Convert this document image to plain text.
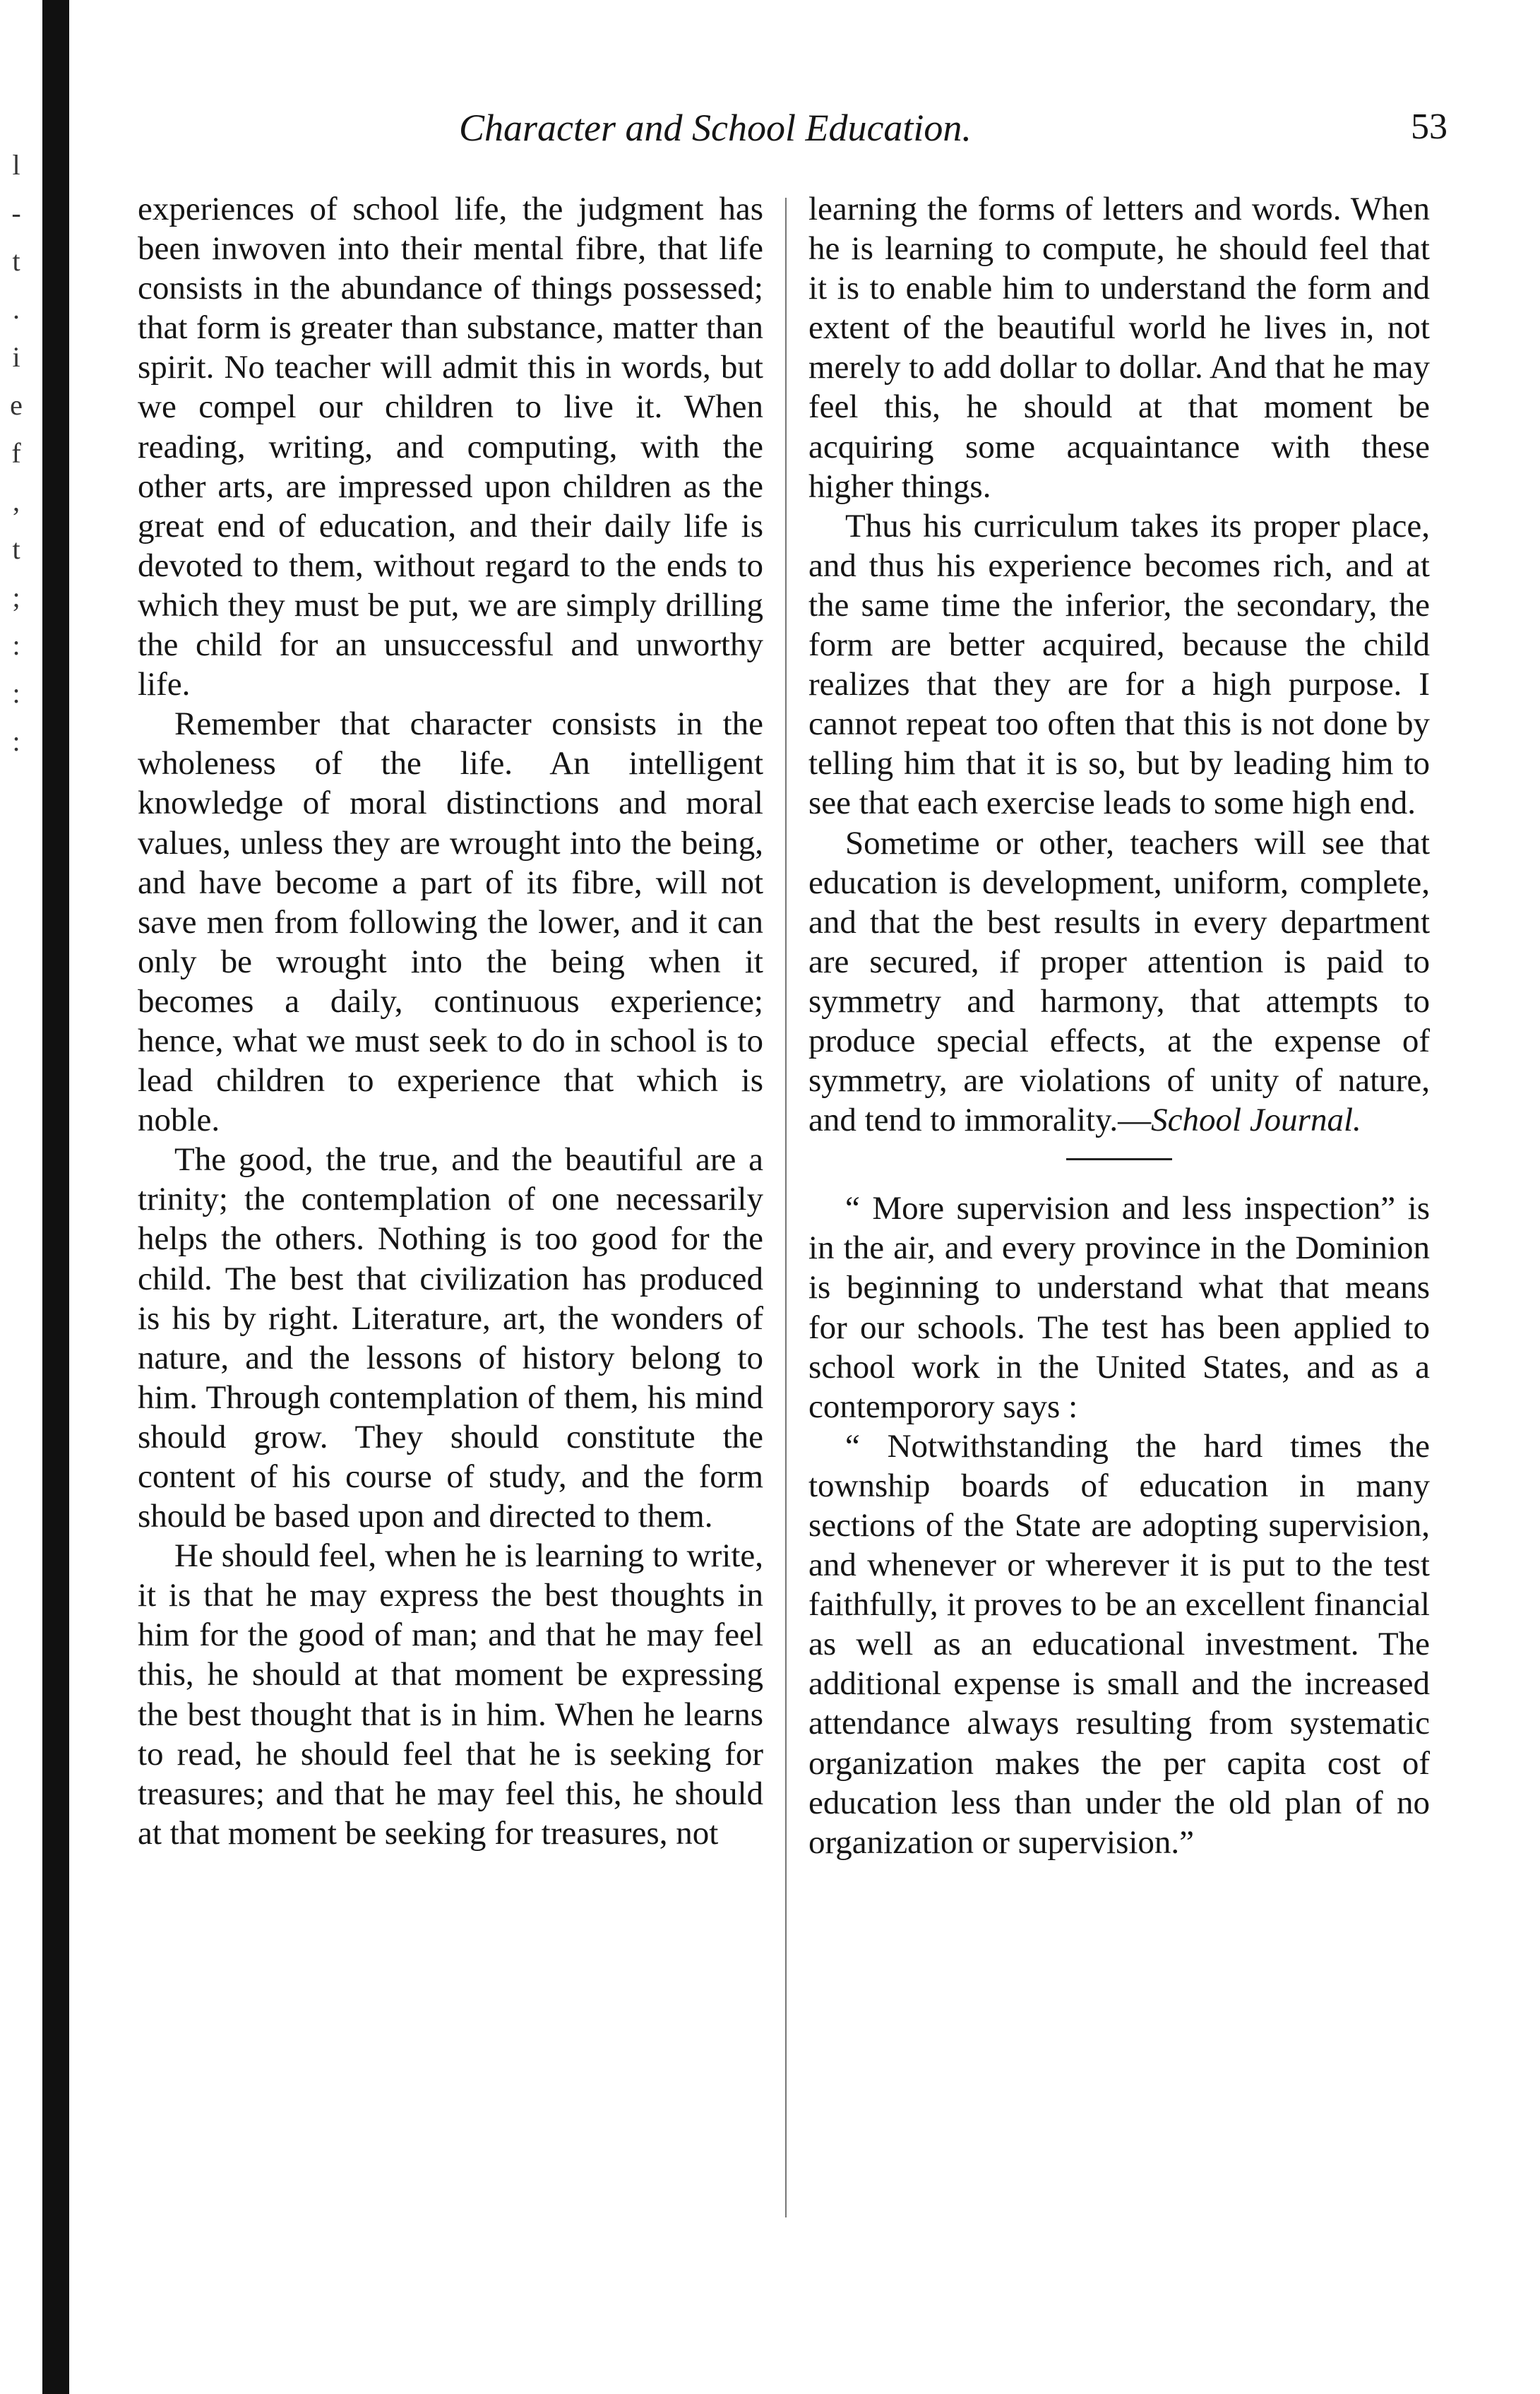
l
-
t
.
i
e
f
,
t
;
:
:
:
Character and School Education.	53

experiences of school life, the judgment has been inwoven into their mental fibre, that life consists in the abundance of things possessed; that form is greater than substance, matter than spirit. No teacher will admit this in words, but we compel our children to live it. When reading, writing, and computing, with the other arts, are impressed upon children as the great end of education, and their daily life is devoted to them, without regard to the ends to which they must be put, we are simply drilling the child for an unsuccessful and unworthy life.

Remember that character consists in the wholeness of the life. An intelligent knowledge of moral distinctions and moral values, unless they are wrought into the being, and have become a part of its fibre, will not save men from following the lower, and it can only be wrought into the being when it becomes a daily, continuous experience; hence, what we must seek to do in school is to lead children to experience that which is noble.

The good, the true, and the beautiful are a trinity; the contemplation of one necessarily helps the others. Nothing is too good for the child. The best that civilization has produced is his by right. Literature, art, the wonders of nature, and the lessons of history belong to him. Through contemplation of them, his mind should grow. They should constitute the content of his course of study, and the form should be based upon and directed to them.

He should feel, when he is learning to write, it is that he may express the best thoughts in him for the good of man; and that he may feel this, he should at that moment be expressing the best thought that is in him. When he learns to read, he should feel that he is seeking for treasures; and that he may feel this, he should at that moment be seeking for treasures, not

learning the forms of letters and words. When he is learning to compute, he should feel that it is to enable him to understand the form and extent of the beautiful world he lives in, not merely to add dollar to dollar. And that he may feel this, he should at that moment be acquiring some acquaintance with these higher things.

Thus his curriculum takes its proper place, and thus his experience becomes rich, and at the same time the inferior, the secondary, the form are better acquired, because the child realizes that they are for a high purpose. I cannot repeat too often that this is not done by telling him that it is so, but by leading him to see that each exercise leads to some high end.

Sometime or other, teachers will see that education is development, uniform, complete, and that the best results in every department are secured, if proper attention is paid to symmetry and harmony, that attempts to produce special effects, at the expense of symmetry, are violations of unity of nature, and tend to immorality.—School Journal.

“ More supervision and less inspection” is in the air, and every province in the Dominion is beginning to understand what that means for our schools. The test has been applied to school work in the United States, and as a contemporory says :

“ Notwithstanding the hard times the township boards of education in many sections of the State are adopting supervision, and whenever or wherever it is put to the test faithfully, it proves to be an excellent financial as well as an educational investment. The additional expense is small and the increased attendance always resulting from systematic organization makes the per capita cost of education less than under the old plan of no organization or supervision.”
